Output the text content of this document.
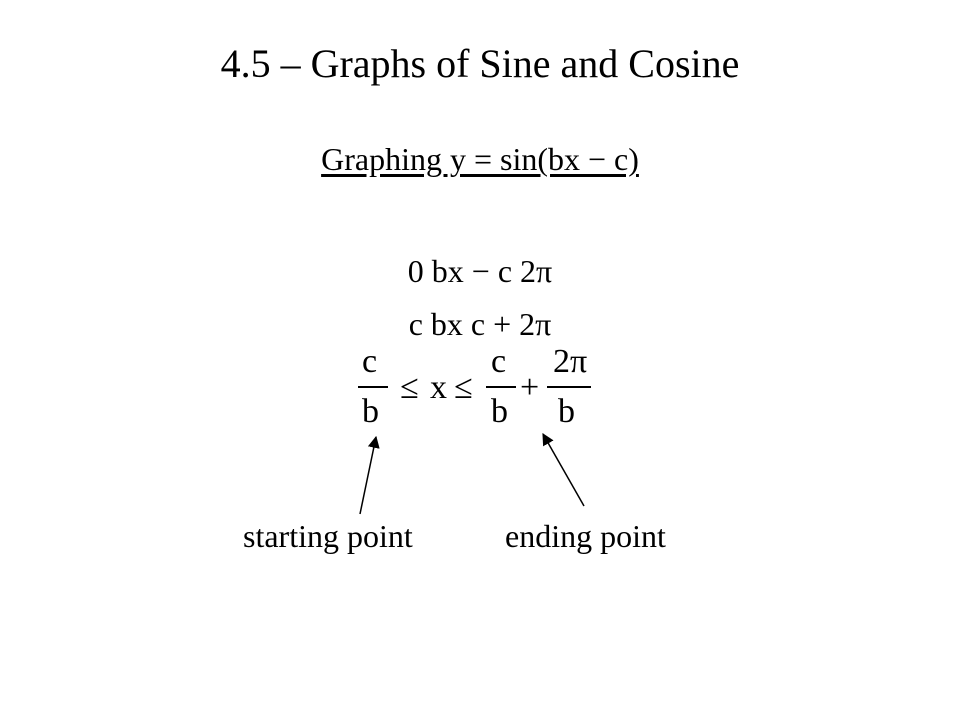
4.5 – Graphs of Sine and Cosine
Graphing y = sin(bx − c)
0 bx − c 2π
c bx c + 2π
c
b
≤ x ≤
c
b
+
2π
b
starting point	ending point
